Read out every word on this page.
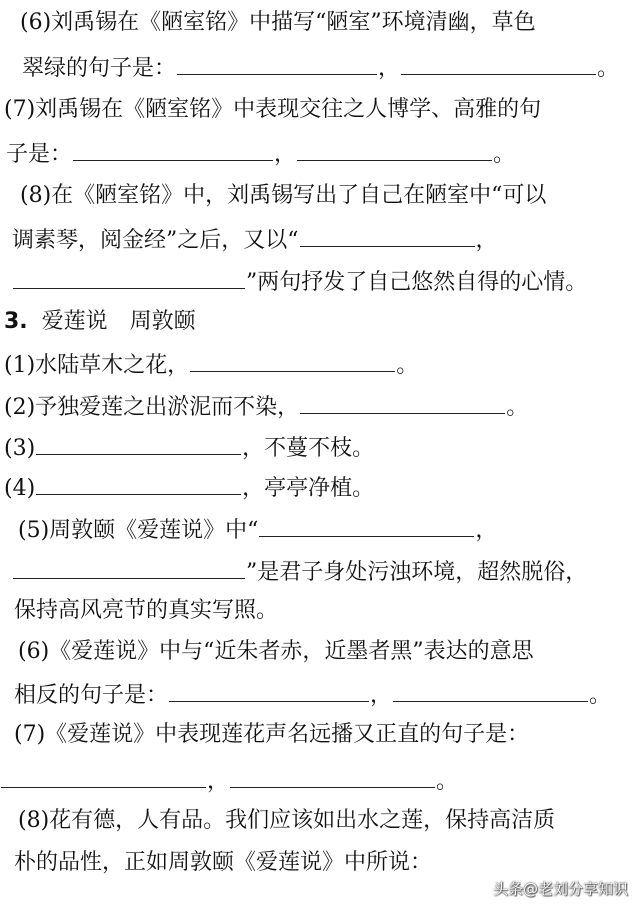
(6)刘禹锡在《陋室铭》中描写“陋室”环境清幽，草色
翠绿的句子是：	，	。
(7)刘禹锡在《陋室铭》中表现交往之人博学、高雅的句
子是：	，	。
(8)在《陋室铭》中，刘禹锡写出了自己在陋室中“可以
调素琴，阅金经”之后，又以“	，
”两句抒发了自己悠然自得的心情。
3. 爱莲说　周敦颐
(1)水陆草木之花，	。
(2)予独爱莲之出淤泥而不染，	。
(3)	，不蔓不枝。
(4)	，亭亭净植。
(5)周敦颐《爱莲说》中“	，
”是君子身处污浊环境，超然脱俗，
保持高风亮节的真实写照。
(6)《爱莲说》中与“近朱者赤，近墨者黑”表达的意思
相反的句子是：	，	。
(7)《爱莲说》中表现莲花声名远播又正直的句子是：
，	。
(8)花有德，人有品。我们应该如出水之莲，保持高洁质
朴的品性，正如周敦颐《爱莲说》中所说：
头条@老刘分享知识
